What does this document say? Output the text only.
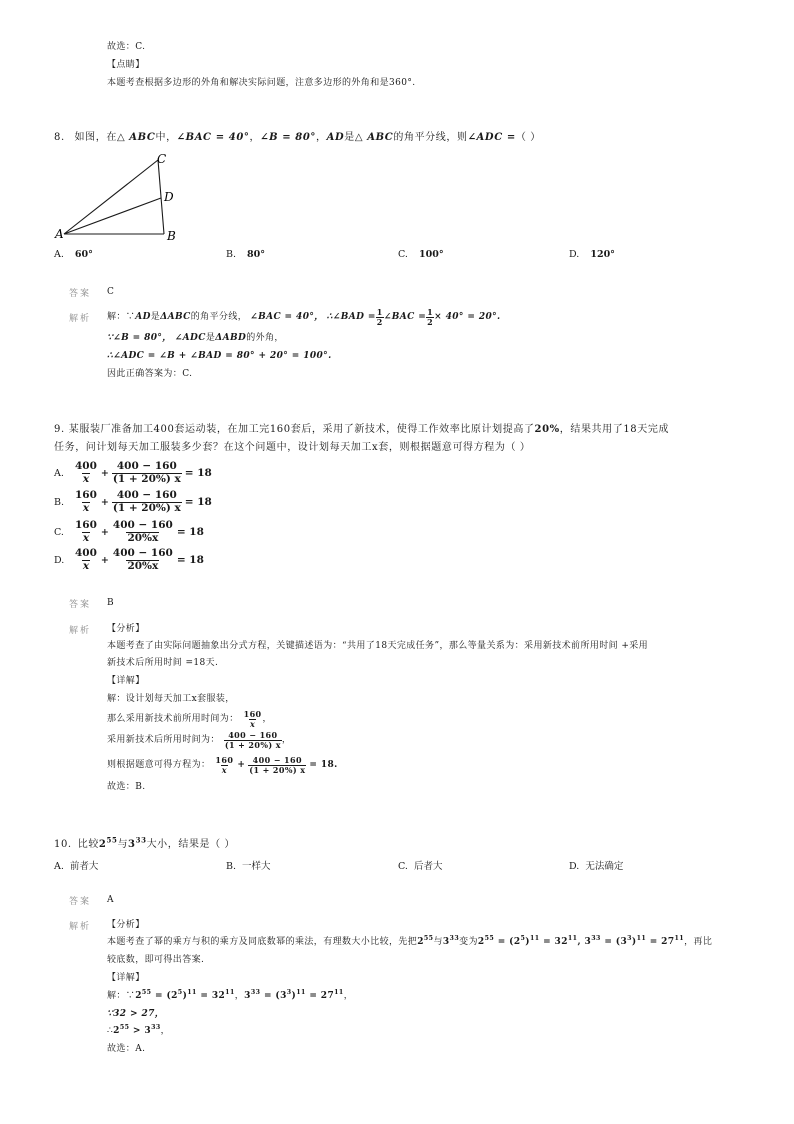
故选：C.
【点睛】
本题考查根据多边形的外角和解决实际问题，注意多边形的外角和是360°.
8. 如图，在△ ABC中，∠BAC = 40°，∠B = 80°，AD是△ ABC的角平分线，则∠ADC =（ ）
C
D
A	B
A. 60°	B. 80°	C. 100°	D. 120°
答案 C
解析 解：∵ AD 是 ΔABC 的角平分线， ∠BAC = 40°， ∴∠BAD = $\frac{1}{2}$ ∠BAC = $\frac{1}{2} \times 40^\circ = 20^\circ$.
∵∠B = 80°， ∠ADC是ΔABD的外角，
∴∠ADC = ∠B + ∠BAD = 80° + 20° = 100°.
因此正确答案为：C.
9. 某服装厂准备加工400套运动装，在加工完160套后，采用了新技术，使得工作效率比原计划提高了20%，结果共用了18天完成
任务，问计划每天加工服装多少套？在这个问题中，设计划每天加工x套，则根据题意可得方程为（ ）
A. $\frac{400}{x} + \frac{400 - 160}{(1 + 20\%) x} = 18$
B. $\frac{160}{x} + \frac{400 - 160}{(1 + 20\%) x} = 18$
C. $\frac{160}{x} + \frac{400 - 160}{20\%x} = 18$
D. $\frac{400}{x} + \frac{400 - 160}{20\%x} = 18$
答案 B
解析 【分析】
本题考查了由实际问题抽象出分式方程，关键描述语为：“共用了18天完成任务”，那么等量关系为：采用新技术前所用时间 +采用
新技术后所用时间 =18天.
【详解】
解：设计划每天加工x套服装，
那么采用新技术前所用时间为： $\frac{160}{x}$ ，
采用新技术后所用时间为： $\frac{400 - 160}{(1 + 20\%) x}$ ，
则根据题意可得方程为： $\frac{160}{x} + \frac{400 - 160}{(1 + 20\%) x} = 18$.
故选：B.
10. 比较$2^{55}$与$3^{33}$大小，结果是（ ）
A. 前者大	B. 一样大	C. 后者大	D. 无法确定
答案 A
解析 【分析】
本题考查了幂的乘方与积的乘方及同底数幂的乘法，有理数大小比较，先把$2^{55}$与$3^{33}$变为$2^{55} = (2^5)^{11} = 32^{11}$, $3^{33} = (3^3)^{11} = 27^{11}$，再比
较底数，即可得出答案.
【详解】
解：$\because 2^{55} = (2^5)^{11} = 32^{11}$，$3^{33} = (3^3)^{11} = 27^{11}$，
∵32 > 27，
$\therefore 2^{55} > 3^{33}$，
故选：A.
